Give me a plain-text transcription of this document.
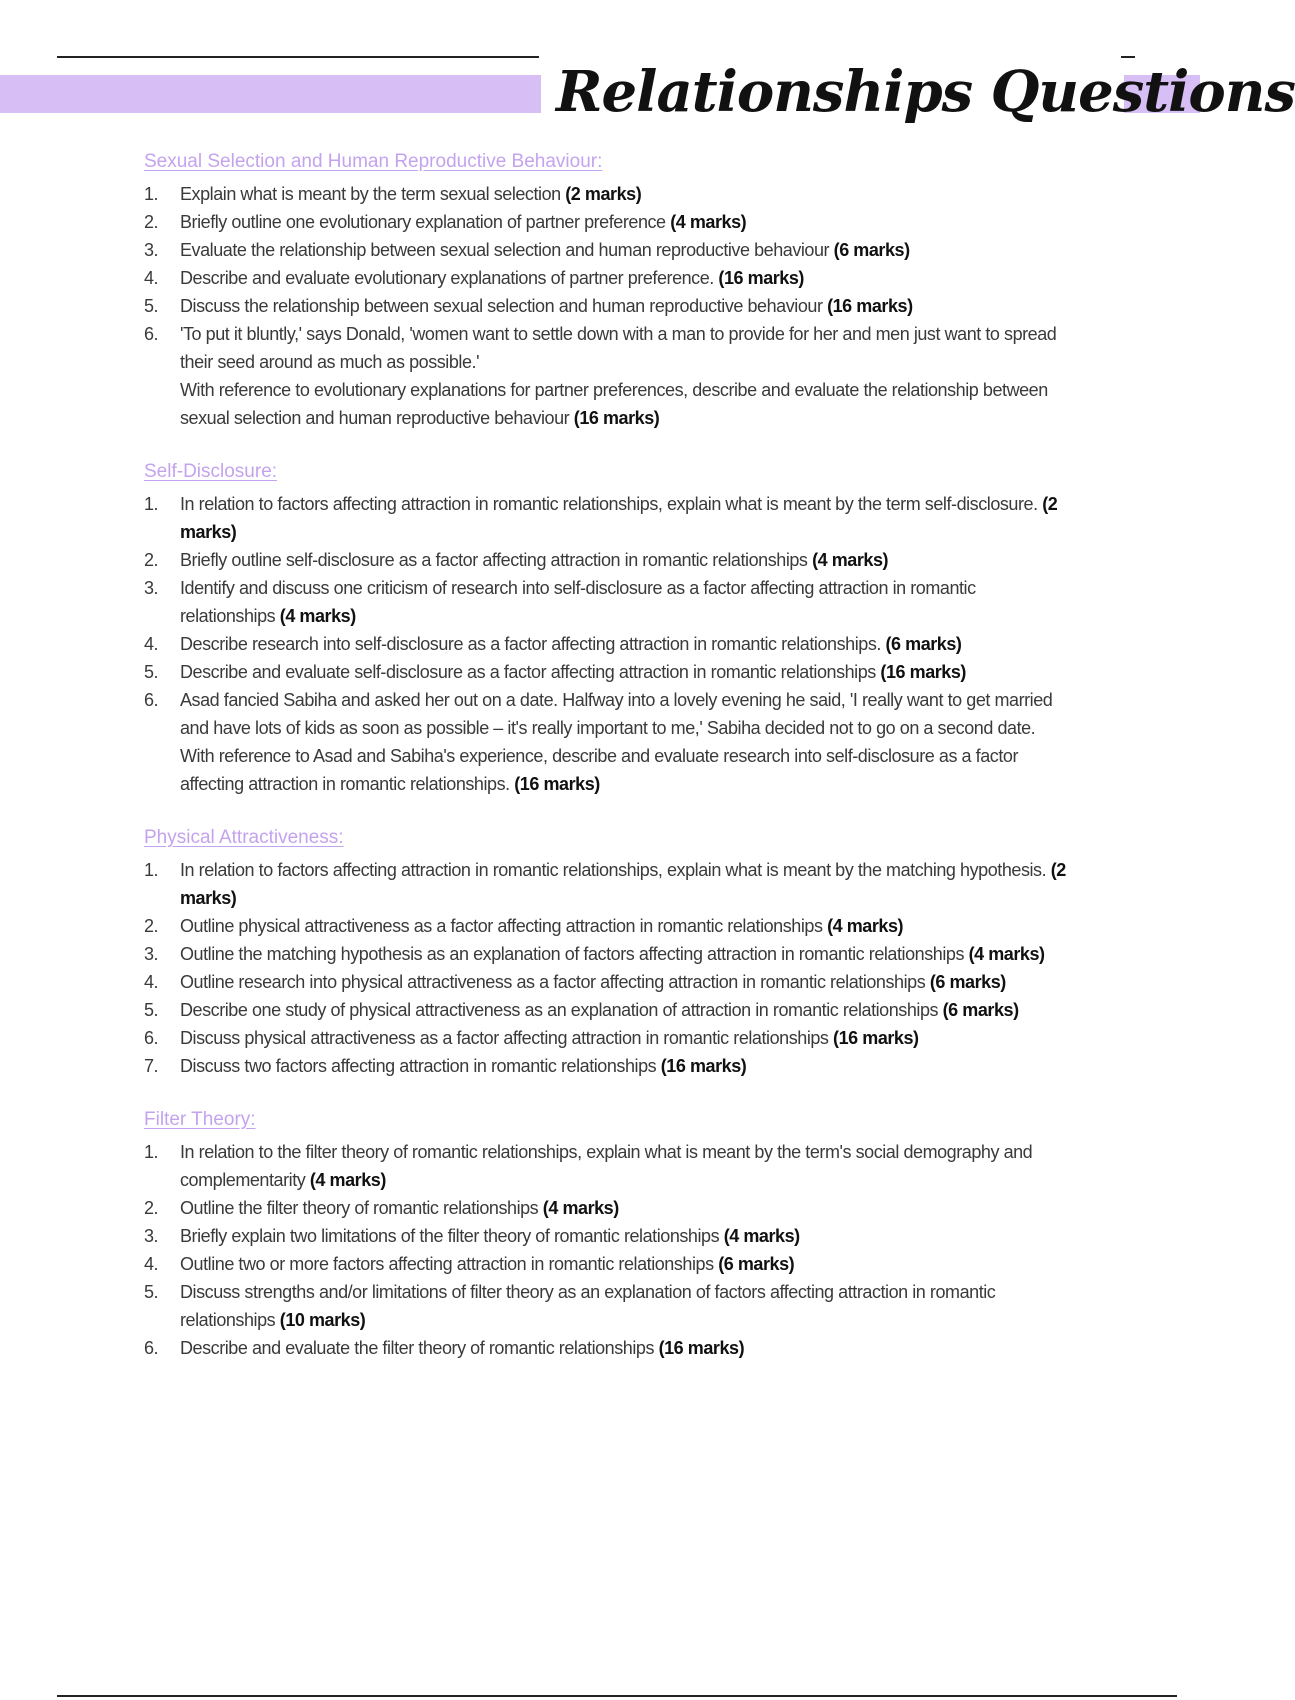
Relationships Questions
Sexual Selection and Human Reproductive Behaviour:
1.	Explain what is meant by the term sexual selection (2 marks)
2.	Briefly outline one evolutionary explanation of partner preference (4 marks)
3.	Evaluate the relationship between sexual selection and human reproductive behaviour (6 marks)
4.	Describe and evaluate evolutionary explanations of partner preference. (16 marks)
5.	Discuss the relationship between sexual selection and human reproductive behaviour (16 marks)
6.	'To put it bluntly,' says Donald, 'women want to settle down with a man to provide for her and men just want to spread their seed around as much as possible.'
With reference to evolutionary explanations for partner preferences, describe and evaluate the relationship between sexual selection and human reproductive behaviour (16 marks)
Self-Disclosure:
1.	In relation to factors affecting attraction in romantic relationships, explain what is meant by the term self-disclosure. (2 marks)
2.	Briefly outline self-disclosure as a factor affecting attraction in romantic relationships (4 marks)
3.	Identify and discuss one criticism of research into self-disclosure as a factor affecting attraction in romantic relationships (4 marks)
4.	Describe research into self-disclosure as a factor affecting attraction in romantic relationships. (6 marks)
5.	Describe and evaluate self-disclosure as a factor affecting attraction in romantic relationships (16 marks)
6.	Asad fancied Sabiha and asked her out on a date. Halfway into a lovely evening he said, 'I really want to get married and have lots of kids as soon as possible – it's really important to me,' Sabiha decided not to go on a second date.
With reference to Asad and Sabiha's experience, describe and evaluate research into self-disclosure as a factor affecting attraction in romantic relationships. (16 marks)
Physical Attractiveness:
1.	In relation to factors affecting attraction in romantic relationships, explain what is meant by the matching hypothesis. (2 marks)
2.	Outline physical attractiveness as a factor affecting attraction in romantic relationships (4 marks)
3.	Outline the matching hypothesis as an explanation of factors affecting attraction in romantic relationships (4 marks)
4.	Outline research into physical attractiveness as a factor affecting attraction in romantic relationships (6 marks)
5.	Describe one study of physical attractiveness as an explanation of attraction in romantic relationships (6 marks)
6.	Discuss physical attractiveness as a factor affecting attraction in romantic relationships (16 marks)
7.	Discuss two factors affecting attraction in romantic relationships (16 marks)
Filter Theory:
1.	In relation to the filter theory of romantic relationships, explain what is meant by the term's social demography and complementarity (4 marks)
2.	Outline the filter theory of romantic relationships (4 marks)
3.	Briefly explain two limitations of the filter theory of romantic relationships (4 marks)
4.	Outline two or more factors affecting attraction in romantic relationships (6 marks)
5.	Discuss strengths and/or limitations of filter theory as an explanation of factors affecting attraction in romantic relationships (10 marks)
6.	Describe and evaluate the filter theory of romantic relationships (16 marks)
